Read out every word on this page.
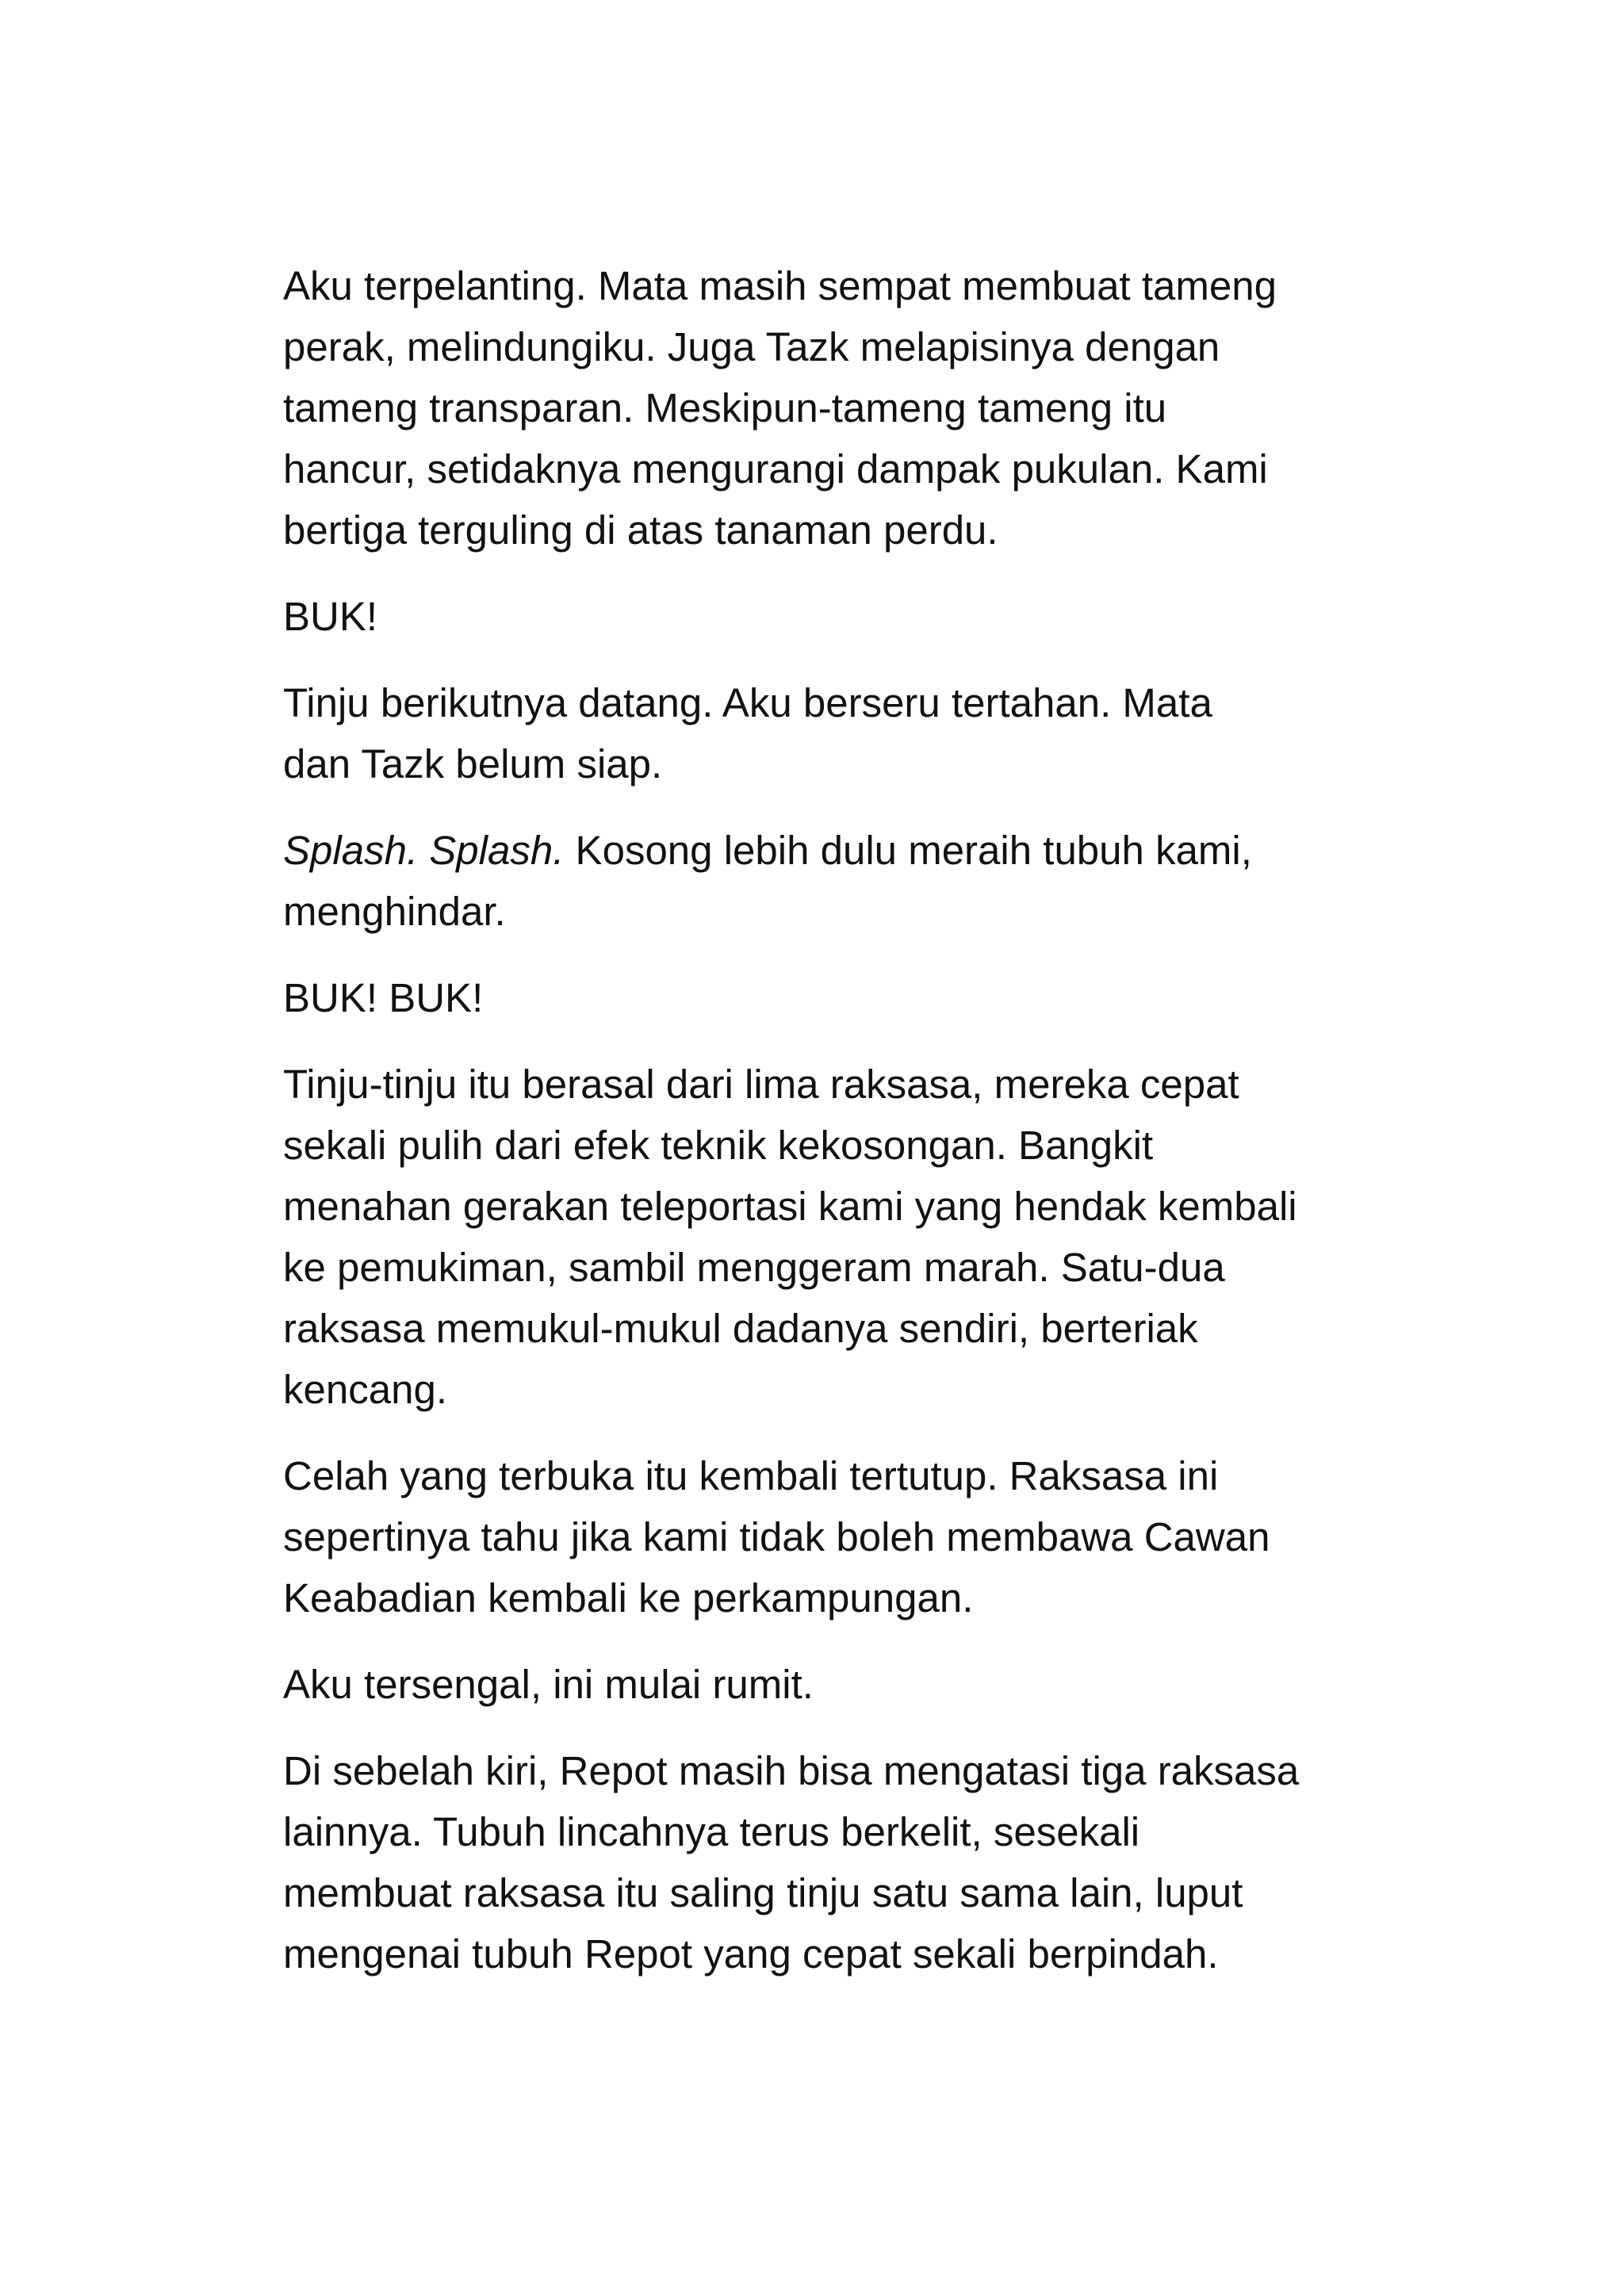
Aku terpelanting. Mata masih sempat membuat tameng
perak, melindungiku. Juga Tazk melapisinya dengan
tameng transparan. Meskipun-tameng tameng itu
hancur, setidaknya mengurangi dampak pukulan. Kami
bertiga terguling di atas tanaman perdu.

BUK!

Tinju berikutnya datang. Aku berseru tertahan. Mata
dan Tazk belum siap.

Splash. Splash. Kosong lebih dulu meraih tubuh kami,
menghindar.

BUK! BUK!

Tinju-tinju itu berasal dari lima raksasa, mereka cepat
sekali pulih dari efek teknik kekosongan. Bangkit
menahan gerakan teleportasi kami yang hendak kembali
ke pemukiman, sambil menggeram marah. Satu-dua
raksasa memukul-mukul dadanya sendiri, berteriak
kencang.

Celah yang terbuka itu kembali tertutup. Raksasa ini
sepertinya tahu jika kami tidak boleh membawa Cawan
Keabadian kembali ke perkampungan.

Aku tersengal, ini mulai rumit.

Di sebelah kiri, Repot masih bisa mengatasi tiga raksasa
lainnya. Tubuh lincahnya terus berkelit, sesekali
membuat raksasa itu saling tinju satu sama lain, luput
mengenai tubuh Repot yang cepat sekali berpindah.
